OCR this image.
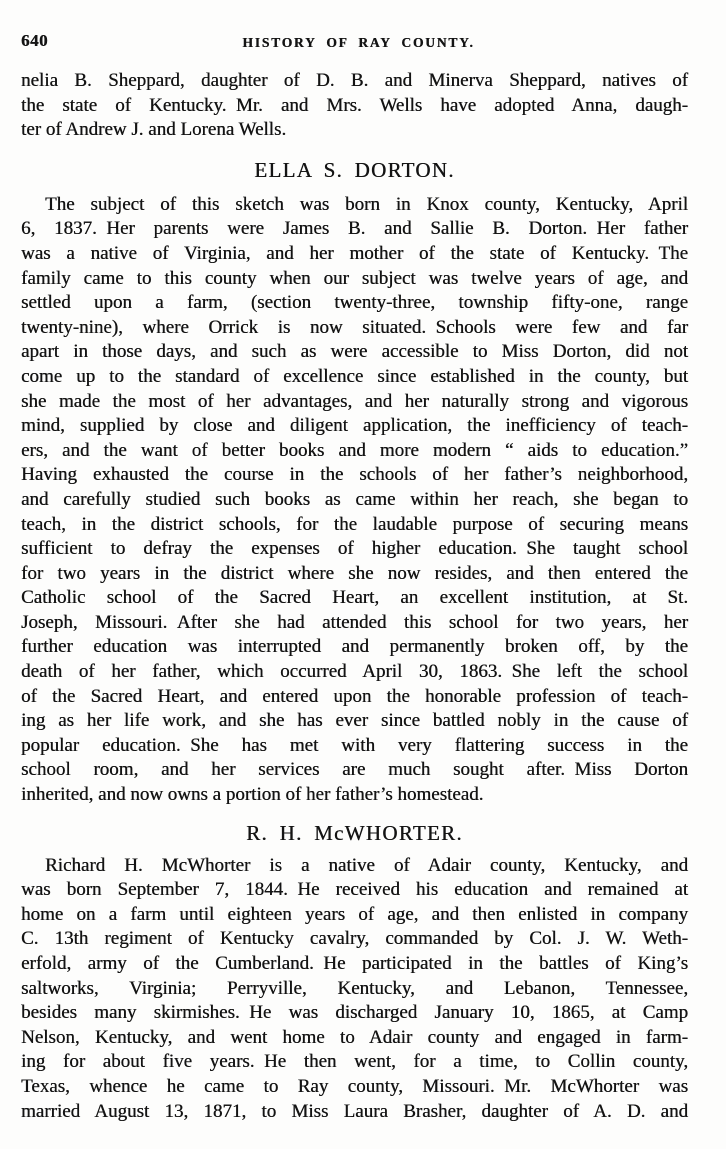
640	HISTORY OF RAY COUNTY.
nelia B. Sheppard, daughter of D. B. and Minerva Sheppard, natives of
the state of Kentucky. Mr. and Mrs. Wells have adopted Anna, daugh-
ter of Andrew J. and Lorena Wells.
ELLA S. DORTON.
The subject of this sketch was born in Knox county, Kentucky, April
6, 1837. Her parents were James B. and Sallie B. Dorton. Her father
was a native of Virginia, and her mother of the state of Kentucky. The
family came to this county when our subject was twelve years of age, and
settled upon a farm, (section twenty-three, township fifty-one, range
twenty-nine), where Orrick is now situated. Schools were few and far
apart in those days, and such as were accessible to Miss Dorton, did not
come up to the standard of excellence since established in the county, but
she made the most of her advantages, and her naturally strong and vigorous
mind, supplied by close and diligent application, the inefficiency of teach-
ers, and the want of better books and more modern “ aids to education.”
Having exhausted the course in the schools of her father’s neighborhood,
and carefully studied such books as came within her reach, she began to
teach, in the district schools, for the laudable purpose of securing means
sufficient to defray the expenses of higher education. She taught school
for two years in the district where she now resides, and then entered the
Catholic school of the Sacred Heart, an excellent institution, at St.
Joseph, Missouri. After she had attended this school for two years, her
further education was interrupted and permanently broken off, by the
death of her father, which occurred April 30, 1863. She left the school
of the Sacred Heart, and entered upon the honorable profession of teach-
ing as her life work, and she has ever since battled nobly in the cause of
popular education. She has met with very flattering success in the
school room, and her services are much sought after. Miss Dorton
inherited, and now owns a portion of her father’s homestead.
R. H. McWHORTER.
Richard H. McWhorter is a native of Adair county, Kentucky, and
was born September 7, 1844. He received his education and remained at
home on a farm until eighteen years of age, and then enlisted in company
C. 13th regiment of Kentucky cavalry, commanded by Col. J. W. Weth-
erfold, army of the Cumberland. He participated in the battles of King’s
saltworks, Virginia; Perryville, Kentucky, and Lebanon, Tennessee,
besides many skirmishes. He was discharged January 10, 1865, at Camp
Nelson, Kentucky, and went home to Adair county and engaged in farm-
ing for about five years. He then went, for a time, to Collin county,
Texas, whence he came to Ray county, Missouri. Mr. McWhorter was
married August 13, 1871, to Miss Laura Brasher, daughter of A. D. and
